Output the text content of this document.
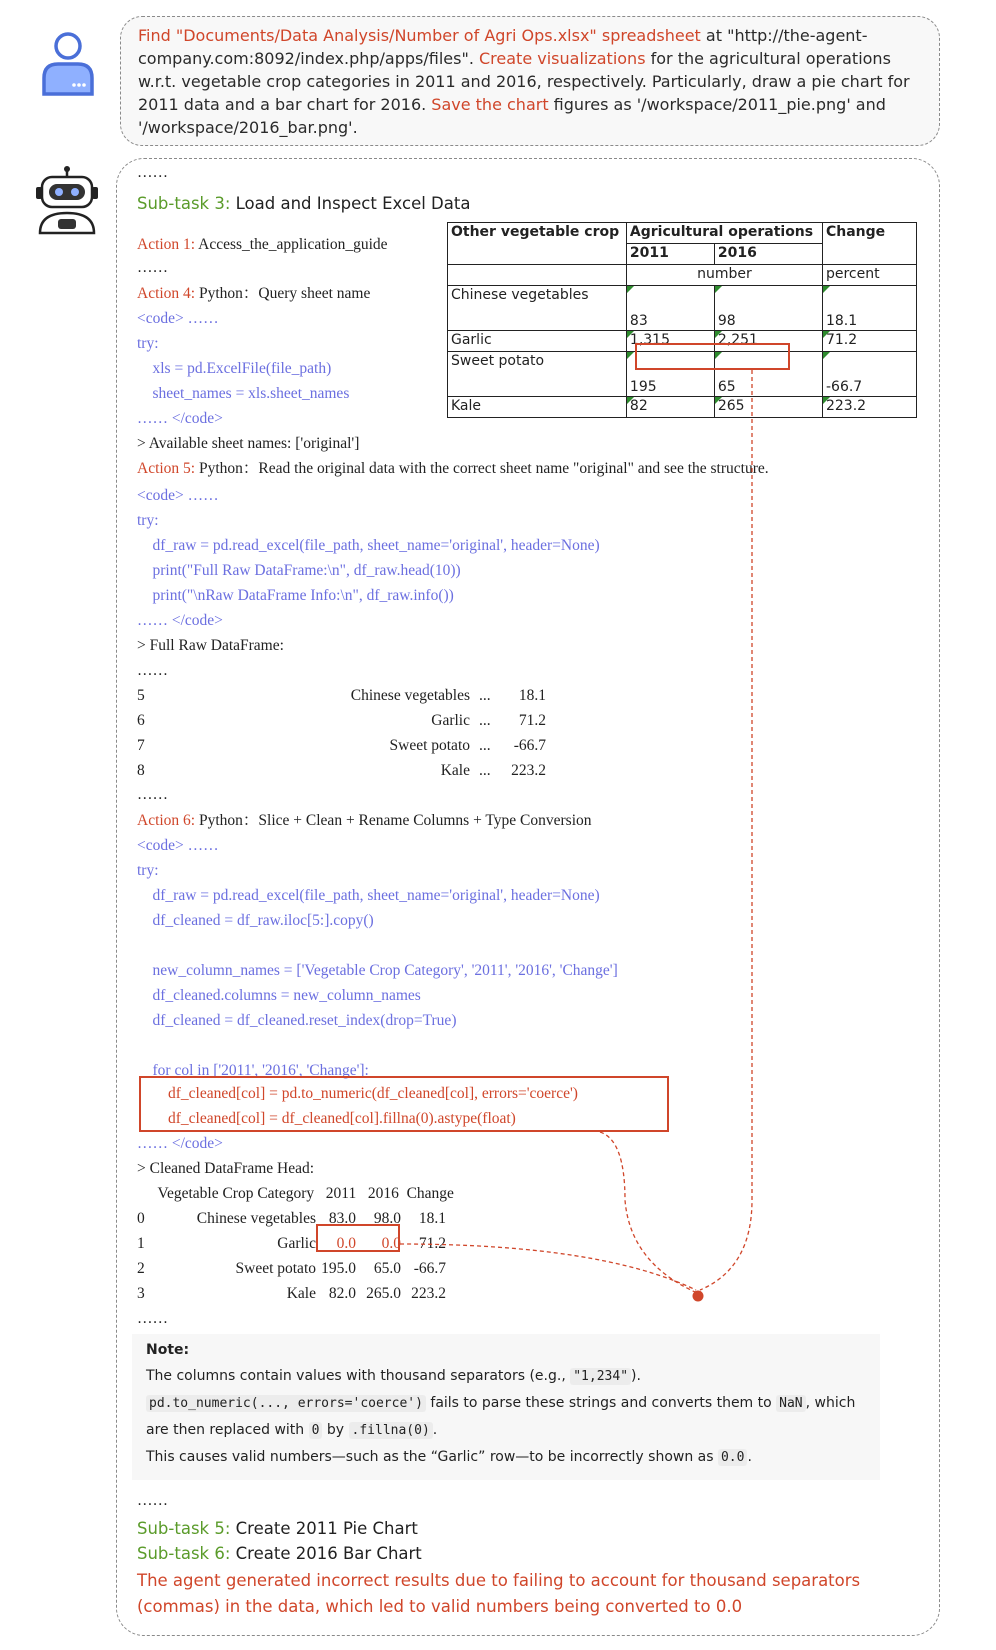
Find "Documents/Data Analysis/Number of Agri Ops.xlsx" spreadsheet at "http://the-agent-
company.com:8092/index.php/apps/files". Create visualizations for the agricultural operations
w.r.t. vegetable crop categories in 2011 and 2016, respectively. Particularly, draw a pie chart for
2011 data and a bar chart for 2016. Save the chart figures as '/workspace/2011_pie.png' and
'/workspace/2016_bar.png'.
……
Sub-task 3: Load and Inspect Excel Data
Action 1: Access_the_application_guide
……
Action 4: Python：Query sheet name
<code> ……
try:
xls = pd.ExcelFile(file_path)
sheet_names = xls.sheet_names
…… </code>
> Available sheet names: ['original']
Action 5: Python：Read the original data with the correct sheet name "original" and see the structure.
<code> ……
try:
df_raw = pd.read_excel(file_path, sheet_name='original', header=None)
print("Full Raw DataFrame:\n", df_raw.head(10))
print("\nRaw DataFrame Info:\n", df_raw.info())
…… </code>
> Full Raw DataFrame:
……
5	Chinese vegetables ...	18.1
6	Garlic ...	71.2
7	Sweet potato ...	-66.7
8	Kale ...	223.2
……
Action 6: Python：Slice + Clean + Rename Columns + Type Conversion
<code> ……
try:
df_raw = pd.read_excel(file_path, sheet_name='original', header=None)
df_cleaned = df_raw.iloc[5:].copy()
new_column_names = ['Vegetable Crop Category', '2011', '2016', 'Change']
df_cleaned.columns = new_column_names
df_cleaned = df_cleaned.reset_index(drop=True)
for col in ['2011', '2016', 'Change']:
df_cleaned[col] = pd.to_numeric(df_cleaned[col], errors='coerce')
df_cleaned[col] = df_cleaned[col].fillna(0).astype(float)
…… </code>
> Cleaned DataFrame Head:
Vegetable Crop Category   2011   2016  Change
0	Chinese vegetables 83.0	98.0	18.1
1	Garlic	0.0	0.0	71.2
2	Sweet potato 195.0	65.0 -66.7
3	Kale 82.0 265.0 223.2
……
Note:
The columns contain values with thousand separators (e.g., "1,234" ).
pd.to_numeric(..., errors='coerce') fails to parse these strings and converts them to NaN , which
are then replaced with 0 by .fillna(0) .
This causes valid numbers—such as the “Garlic” row—to be incorrectly shown as 0.0 .
……
Sub-task 5: Create 2011 Pie Chart
Sub-task 6: Create 2016 Bar Chart
The agent generated incorrect results due to failing to account for thousand separators
(commas) in the data, which led to valid numbers being converted to 0.0
Other vegetable crop	Agricultural operations		Change
	2011	2016	
	number		percent
Chinese vegetables	83	98	18.1

Garlic	1,315	2,251	71.2
Sweet potato	195	65	-66.7

Kale	82	265	223.2
